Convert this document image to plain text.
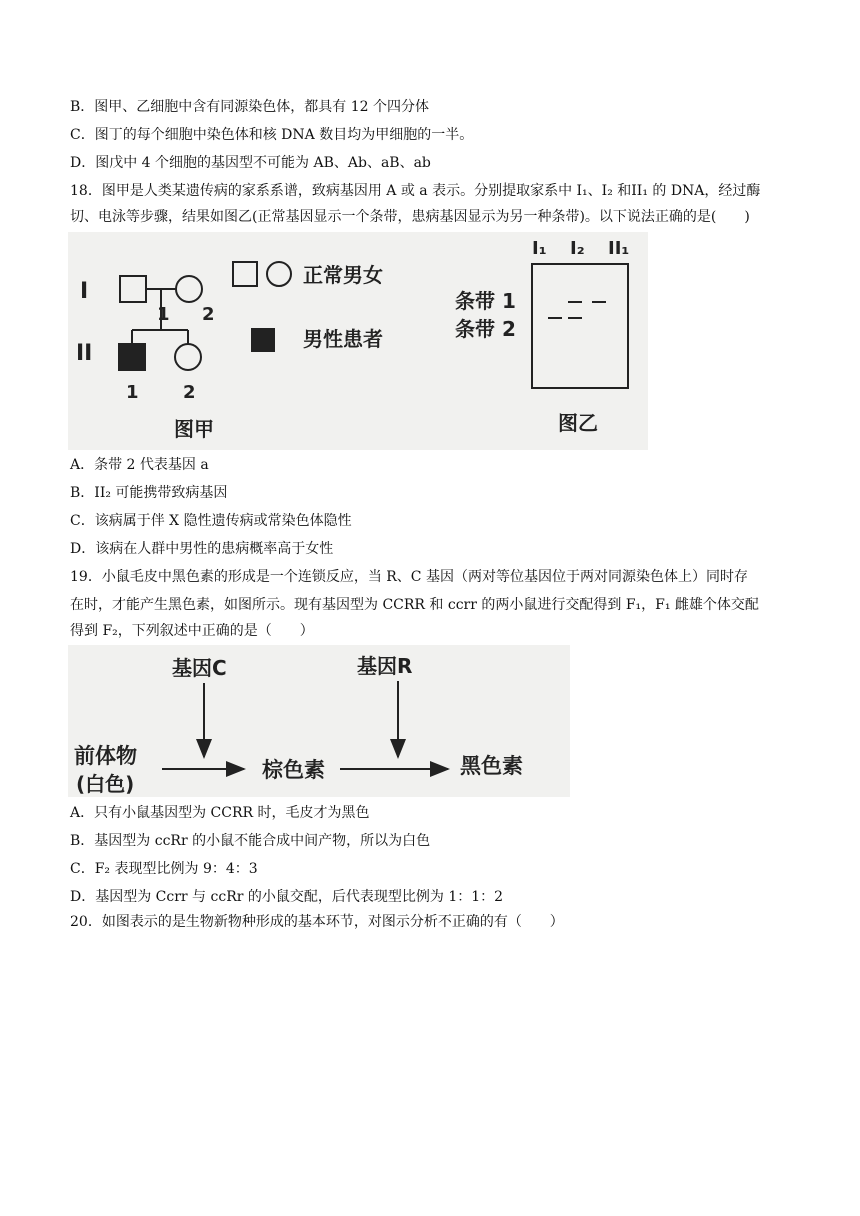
B．图甲、乙细胞中含有同源染色体，都具有 12 个四分体
C．图丁的每个细胞中染色体和核 DNA 数目均为甲细胞的一半。
D．图戊中 4 个细胞的基因型不可能为 AB、Ab、aB、ab
18．图甲是人类某遗传病的家系系谱，致病基因用 A 或 a 表示。分别提取家系中 I₁、I₂ 和II₁ 的 DNA，经过酶
切、电泳等步骤，结果如图乙(正常基因显示一个条带，患病基因显示为另一种条带)。以下说法正确的是(　　)
I
II
1 2
1 2
正常男女
男性患者
图甲
I₁ I₂ II₁
条带 1
条带 2
图乙
A．条带 2 代表基因 a
B．II₂ 可能携带致病基因
C．该病属于伴 X 隐性遗传病或常染色体隐性
D．该病在人群中男性的患病概率高于女性
19．小鼠毛皮中黑色素的形成是一个连锁反应，当 R、C 基因（两对等位基因位于两对同源染色体上）同时存
在时，才能产生黑色素，如图所示。现有基因型为 CCRR 和 ccrr 的两小鼠进行交配得到 F₁，F₁ 雌雄个体交配
得到 F₂，下列叙述中正确的是（　　）
基因C	基因R
前体物
(白色)
棕色素	黑色素
A．只有小鼠基因型为 CCRR 时，毛皮才为黑色
B．基因型为 ccRr 的小鼠不能合成中间产物，所以为白色
C．F₂ 表现型比例为 9：4：3
D．基因型为 Ccrr 与 ccRr 的小鼠交配，后代表现型比例为 1：1：2
20．如图表示的是生物新物种形成的基本环节，对图示分析不正确的有（　　）
